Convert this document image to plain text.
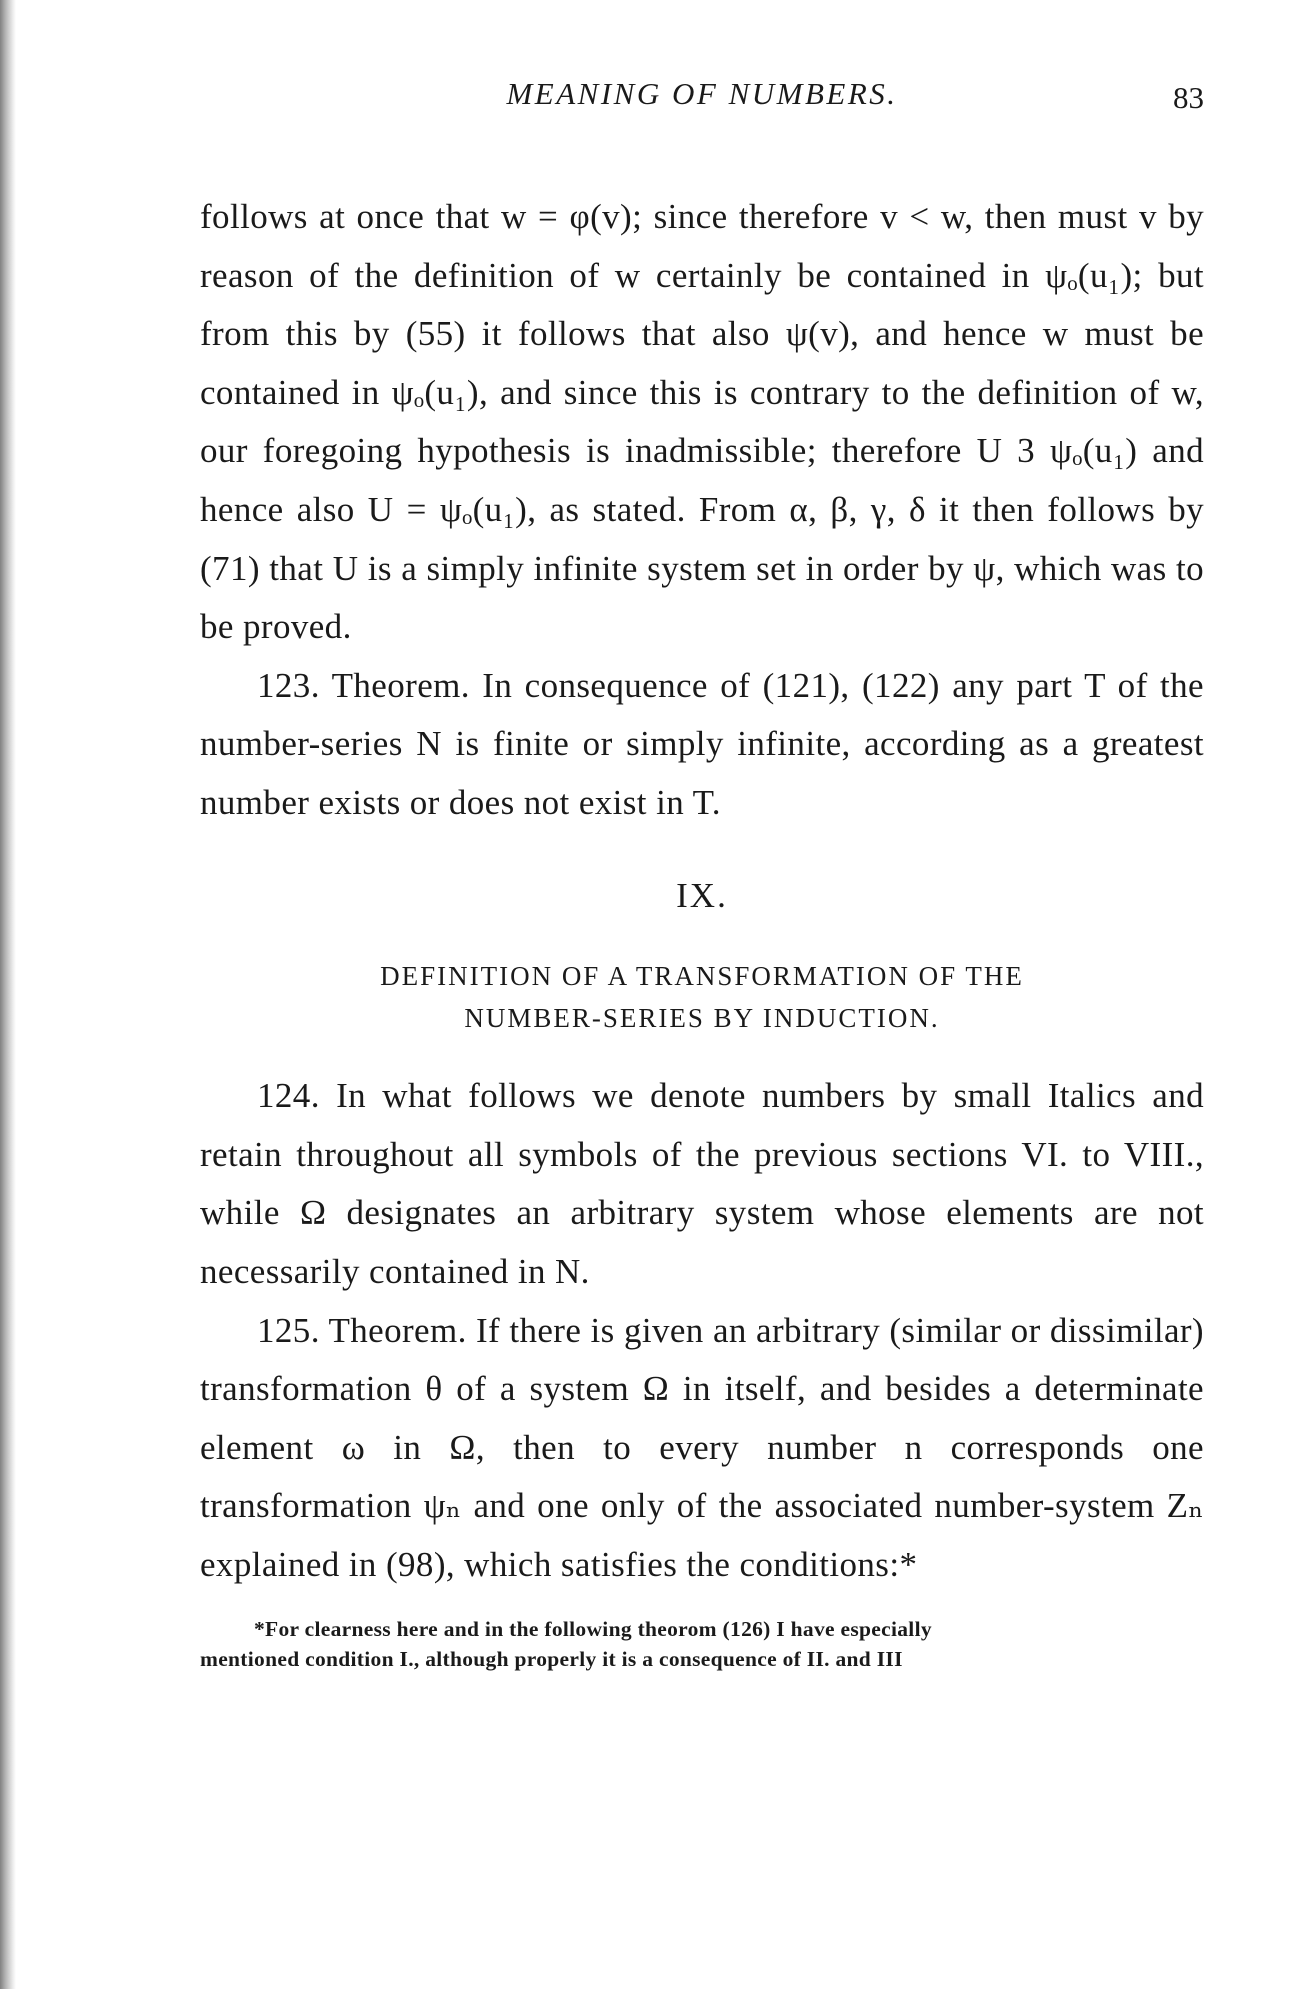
MEANING OF NUMBERS.	83

follows at once that w = φ(v); since therefore v < w, then must v by reason of the definition of w certainly be contained in ψₒ(u₁); but from this by (55) it follows that also ψ(v), and hence w must be contained in ψₒ(u₁), and since this is contrary to the definition of w, our foregoing hypothesis is inadmissible; therefore U 3 ψₒ(u₁) and hence also U = ψₒ(u₁), as stated. From α, β, γ, δ it then follows by (71) that U is a simply infinite system set in order by ψ, which was to be proved.

123. Theorem. In consequence of (121), (122) any part T of the number-series N is finite or simply infinite, according as a greatest number exists or does not exist in T.

IX.
DEFINITION OF A TRANSFORMATION OF THE
NUMBER-SERIES BY INDUCTION.

124. In what follows we denote numbers by small Italics and retain throughout all symbols of the previous sections VI. to VIII., while Ω designates an arbitrary system whose elements are not necessarily contained in N.

125. Theorem. If there is given an arbitrary (similar or dissimilar) transformation θ of a system Ω in itself, and besides a determinate element ω in Ω, then to every number n corresponds one transformation ψₙ and one only of the associated number-system Zₙ explained in (98), which satisfies the conditions:*

*For clearness here and in the following theorom (126) I have especially
mentioned condition I., although properly it is a consequence of II. and III
